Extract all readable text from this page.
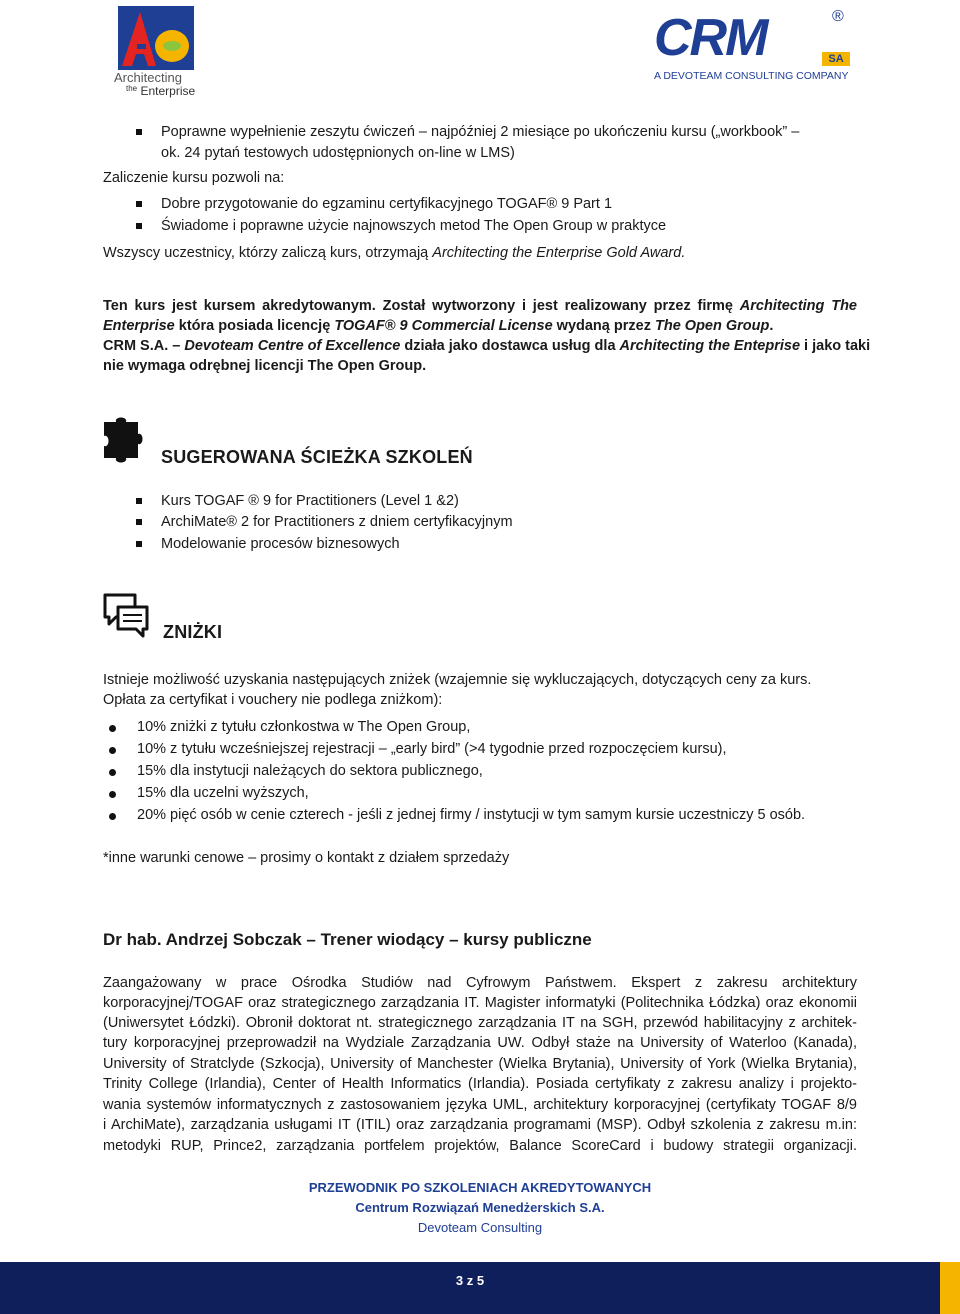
Architecting
$^{the}$ Enterprise
CRM	®
SA
A DEVOTEAM CONSULTING COMPANY
Poprawne wypełnienie zeszytu ćwiczeń – najpóźniej 2 miesiące po ukończeniu kursu („workbook” –
ok. 24 pytań testowych udostępnionych on-line w LMS)
Zaliczenie kursu pozwoli na:
Dobre przygotowanie do egzaminu certyfikacyjnego TOGAF® 9 Part 1
Świadome i poprawne użycie najnowszych metod The Open Group w praktyce
Wszyscy uczestnicy, którzy zaliczą kurs, otrzymają Architecting the Enterprise Gold Award.
Ten kurs jest kursem akredytowanym. Został wytworzony i jest realizowany przez firmę Architecting The
Enterprise która posiada licencję TOGAF® 9 Commercial License wydaną przez The Open Group.
CRM S.A. – Devoteam Centre of Excellence działa jako dostawca usług dla Architecting the Entеprise i jako taki
nie wymaga odrębnej licencji The Open Group.
SUGEROWANA ŚCIEŻKA SZKOLEŃ
Kurs TOGAF ® 9 for Practitioners (Level 1 &2)
ArchiMate® 2 for Practitioners z dniem certyfikacyjnym
Modelowanie procesów biznesowych
ZNIŻKI
Istnieje możliwość uzyskania następujących zniżek (wzajemnie się wykluczających, dotyczących ceny za kurs.
Opłata za certyfikat i vouchery nie podlega zniżkom):
10% zniżki z tytułu członkostwa w The Open Group,
10% z tytułu wcześniejszej rejestracji – „early bird” (>4 tygodnie przed rozpoczęciem kursu),
15% dla instytucji należących do sektora publicznego,
15% dla uczelni wyższych,
20% pięć osób w cenie czterech - jeśli z jednej firmy / instytucji w tym samym kursie uczestniczy 5 osób.
*inne warunki cenowe – prosimy o kontakt z działem sprzedaży
Dr hab. Andrzej Sobczak – Trener wiodący – kursy publiczne
Zaangażowany w prace Ośrodka Studiów nad Cyfrowym Państwem. Ekspert z zakresu architektury
korporacyjnej/TOGAF oraz strategicznego zarządzania IT. Magister informatyki (Politechnika Łódzka) oraz ekonomii
(Uniwersytet Łódzki). Obronił doktorat nt. strategicznego zarządzania IT na SGH, przewód habilitacyjny z architek-
tury korporacyjnej przeprowadził na Wydziale Zarządzania UW. Odbył staże na University of Waterloo (Kanada),
University of Stratclyde (Szkocja), University of Manchester (Wielka Brytania), University of York (Wielka Brytania),
Trinity College (Irlandia), Center of Health Informatics (Irlandia). Posiada certyfikaty z zakresu analizy i projekto-
wania systemów informatycznych z zastosowaniem języka UML, architektury korporacyjnej (certyfikaty TOGAF 8/9
i ArchiMate), zarządzania usługami IT (ITIL) oraz zarządzania programami (MSP). Odbył szkolenia z zakresu m.in:
metodyki RUP, Prince2, zarządzania portfelem projektów, Balance ScoreCard i budowy strategii organizacji.
PRZEWODNIK PO SZKOLENIACH AKREDYTOWANYCH
Centrum Rozwiązań Menedżerskich S.A.
Devoteam Consulting
3 z 5
